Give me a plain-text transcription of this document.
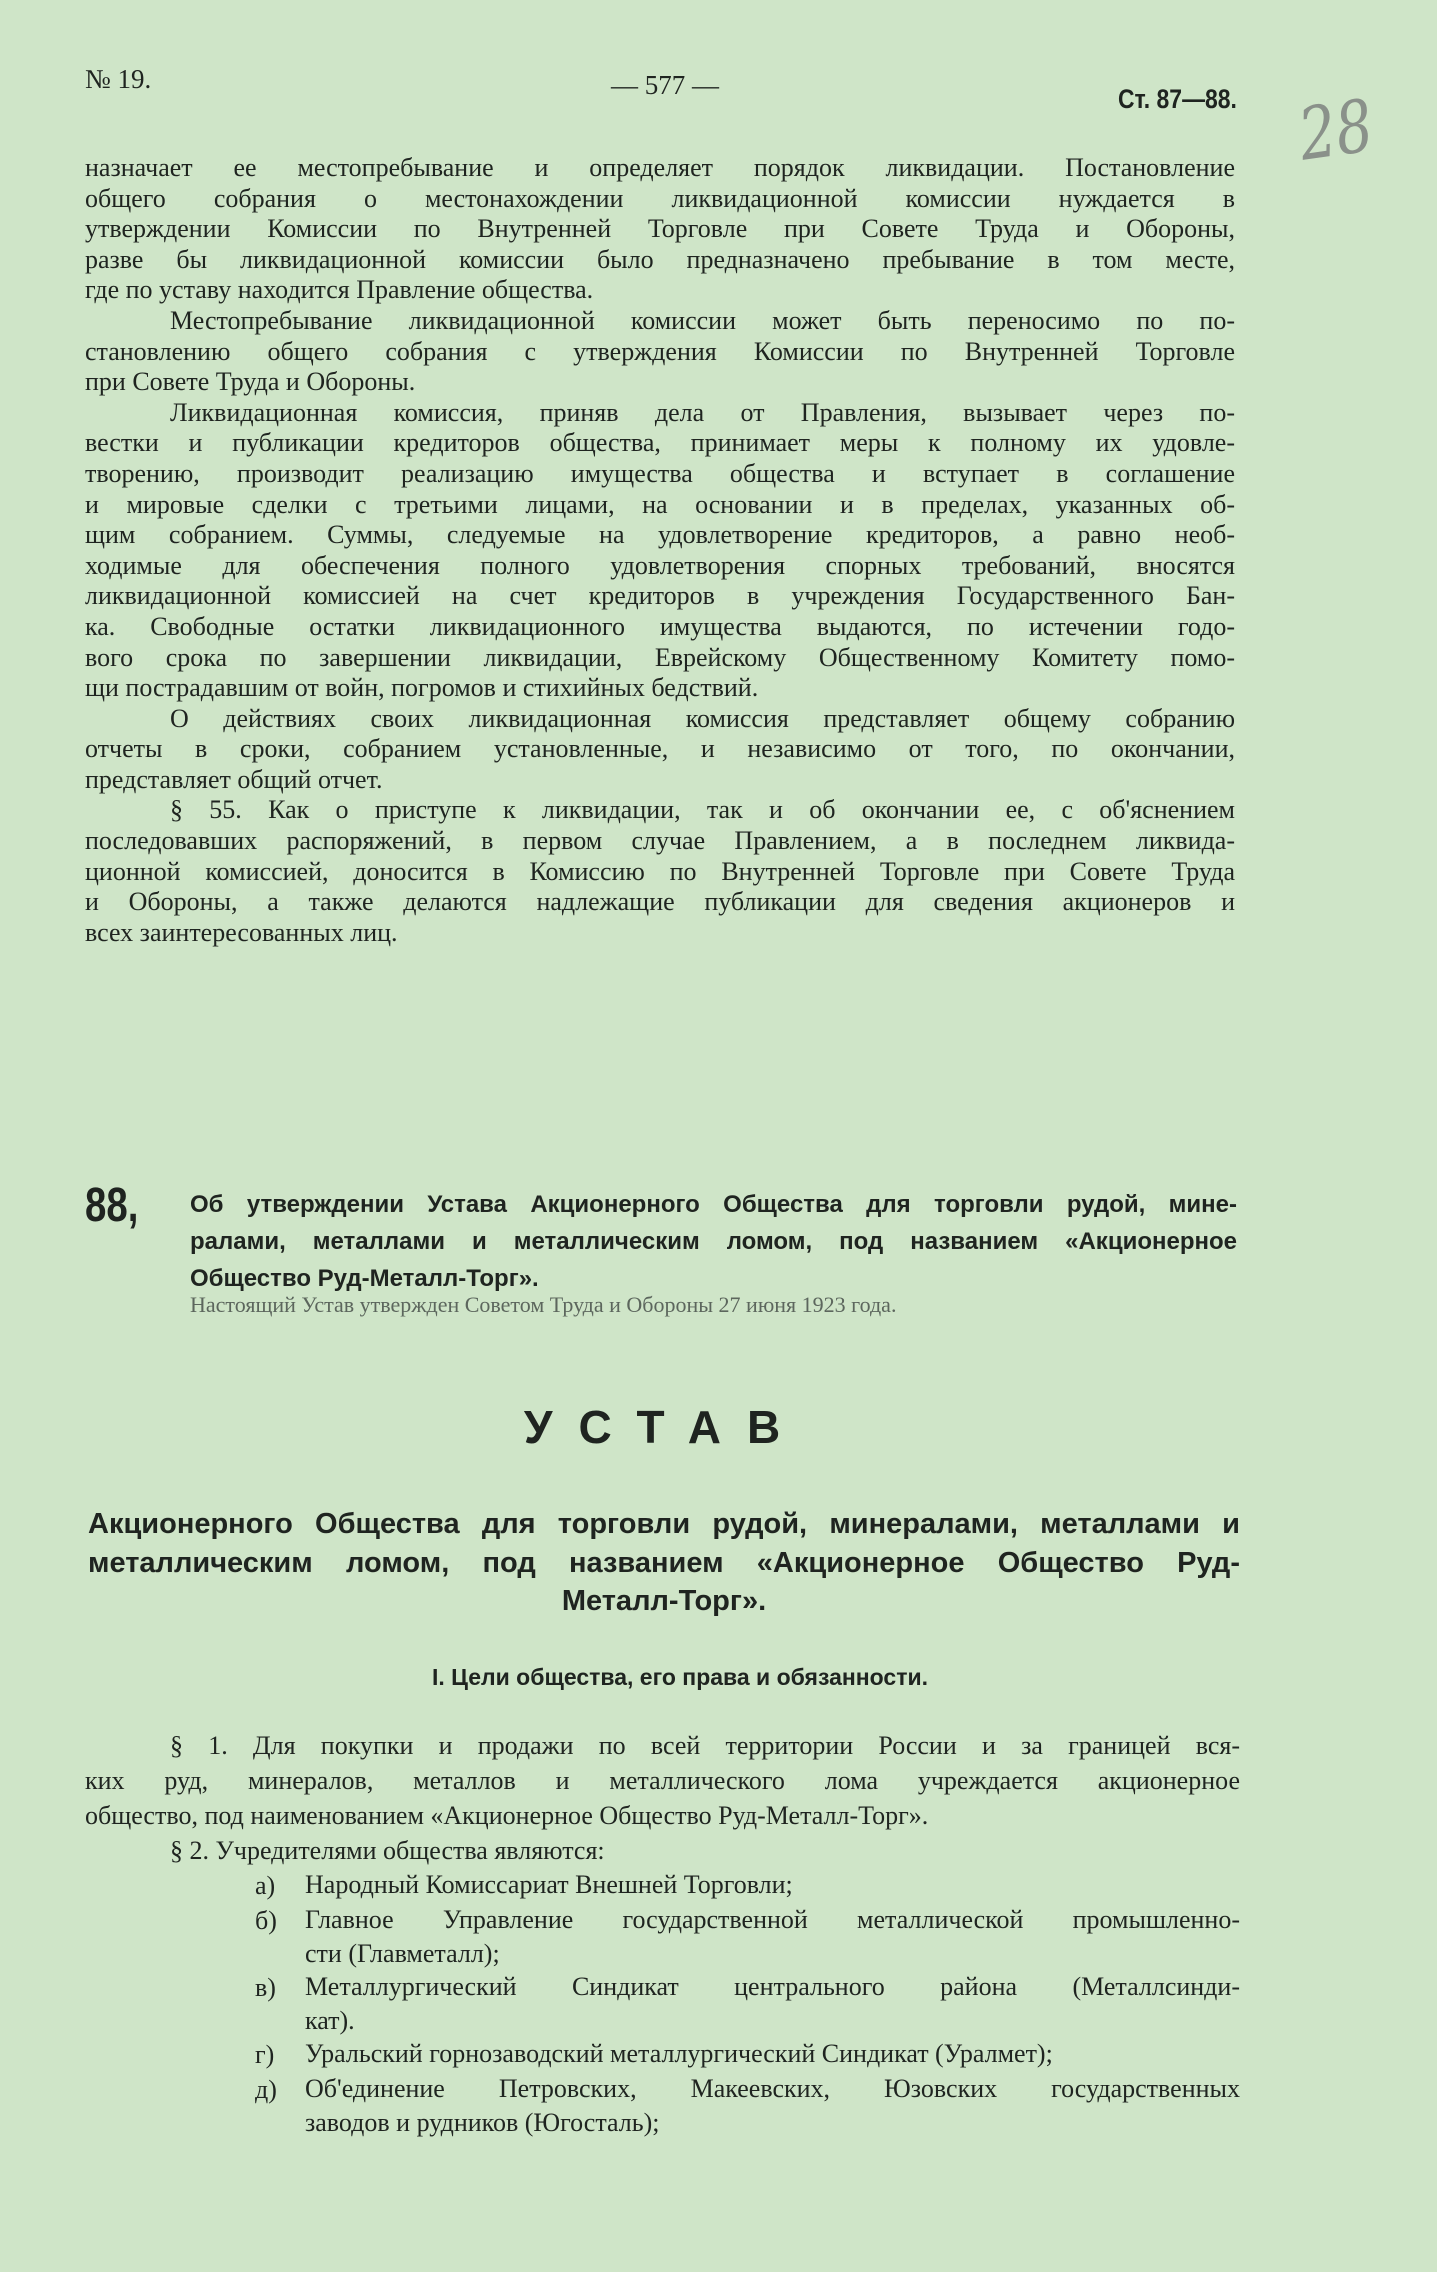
№ 19.	— 577 —	Ст. 87—88. 28
назначает ее местопребывание и определяет порядок ликвидации. Постановление
общего собрания о местонахождении ликвидационной комиссии нуждается в
утверждении Комиссии по Внутренней Торговле при Совете Труда и Обороны,
разве бы ликвидационной комиссии было предназначено пребывание в том месте,
где по уставу находится Правление общества.
Местопребывание ликвидационной комиссии может быть переносимо по по-
становлению общего собрания с утверждения Комиссии по Внутренней Торговле
при Совете Труда и Обороны.
Ликвидационная комиссия, приняв дела от Правления, вызывает через по-
вестки и публикации кредиторов общества, принимает меры к полному их удовле-
творению, производит реализацию имущества общества и вступает в соглашение
и мировые сделки с третьими лицами, на основании и в пределах, указанных об-
щим собранием. Суммы, следуемые на удовлетворение кредиторов, а равно необ-
ходимые для обеспечения полного удовлетворения спорных требований, вносятся
ликвидационной комиссией на счет кредиторов в учреждения Государственного Бан-
ка. Свободные остатки ликвидационного имущества выдаются, по истечении годо-
вого срока по завершении ликвидации, Еврейскому Общественному Комитету помо-
щи пострадавшим от войн, погромов и стихийных бедствий.
О действиях своих ликвидационная комиссия представляет общему собранию
отчеты в сроки, собранием установленные, и независимо от того, по окончании,
представляет общий отчет.
§ 55. Как о приступе к ликвидации, так и об окончании ее, с об'яснением
последовавших распоряжений, в первом случае Правлением, а в последнем ликвида-
ционной комиссией, доносится в Комиссию по Внутренней Торговле при Совете Труда
и Обороны, а также делаются надлежащие публикации для сведения акционеров и
всех заинтересованных лиц.
88, Об утверждении Устава Акционерного Общества для торговли рудой, мине-
ралами, металлами и металлическим ломом, под названием «Акционерное
Общество Руд-Металл-Торг».
Настоящий Устав утвержден Советом Труда и Обороны 27 июня 1923 года.
УСТАВ
Акционерного Общества для торговли рудой, минералами, металлами и
металлическим ломом, под названием «Акционерное Общество Руд-
Металл-Торг».
I. Цели общества, его права и обязанности.
§ 1. Для покупки и продажи по всей территории России и за границей вся-
ких руд, минералов, металлов и металлического лома учреждается акционерное
общество, под наименованием «Акционерное Общество Руд-Металл-Торг».
§ 2. Учредителями общества являются:
а)	Народный Комиссариат Внешней Торговли;
б)	Главное Управление государственной металлической промышленно-
сти (Главметалл);
в)	Металлургический Синдикат центрального района (Металлсинди-
кат).
г)	Уральский горнозаводский металлургический Синдикат (Уралмет);
д)	Об'единение Петровских, Макеевских, Юзовских государственных
заводов и рудников (Югосталь);
